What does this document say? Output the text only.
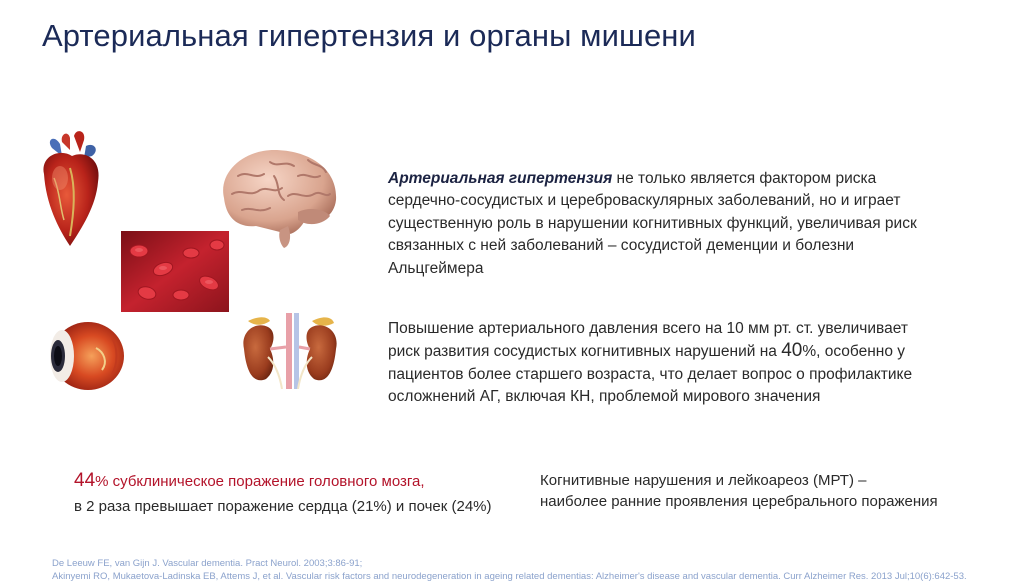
Артериальная гипертензия и органы мишени
Артериальная гипертензия не только является фактором риска сердечно-сосудистых и цереброваскулярных заболеваний, но и играет существенную роль в нарушении когнитивных функций, увеличивая риск связанных с ней заболеваний – сосудистой деменции и болезни Альцгеймера
Повышение артериального давления всего на 10 мм рт. ст. увеличивает риск развития сосудистых когнитивных нарушений на 40%, особенно у пациентов более старшего возраста, что делает вопрос о профилактике осложнений АГ, включая КН, проблемой мирового значения
44% субклиническое поражение головного мозга,
в 2 раза превышает поражение сердца (21%) и почек (24%)
Когнитивные нарушения и лейкоареоз (МРТ) –
наиболее ранние проявления церебрального поражения
De Leeuw FE, van Gijn J. Vascular dementia. Pract Neurol. 2003;3:86-91;
Akinyemi RO, Mukaetova-Ladinska EB, Attems J, et al. Vascular risk factors and neurodegeneration in ageing related dementias: Alzheimer's disease and vascular dementia. Curr Alzheimer Res. 2013 Jul;10(6):642-53.
